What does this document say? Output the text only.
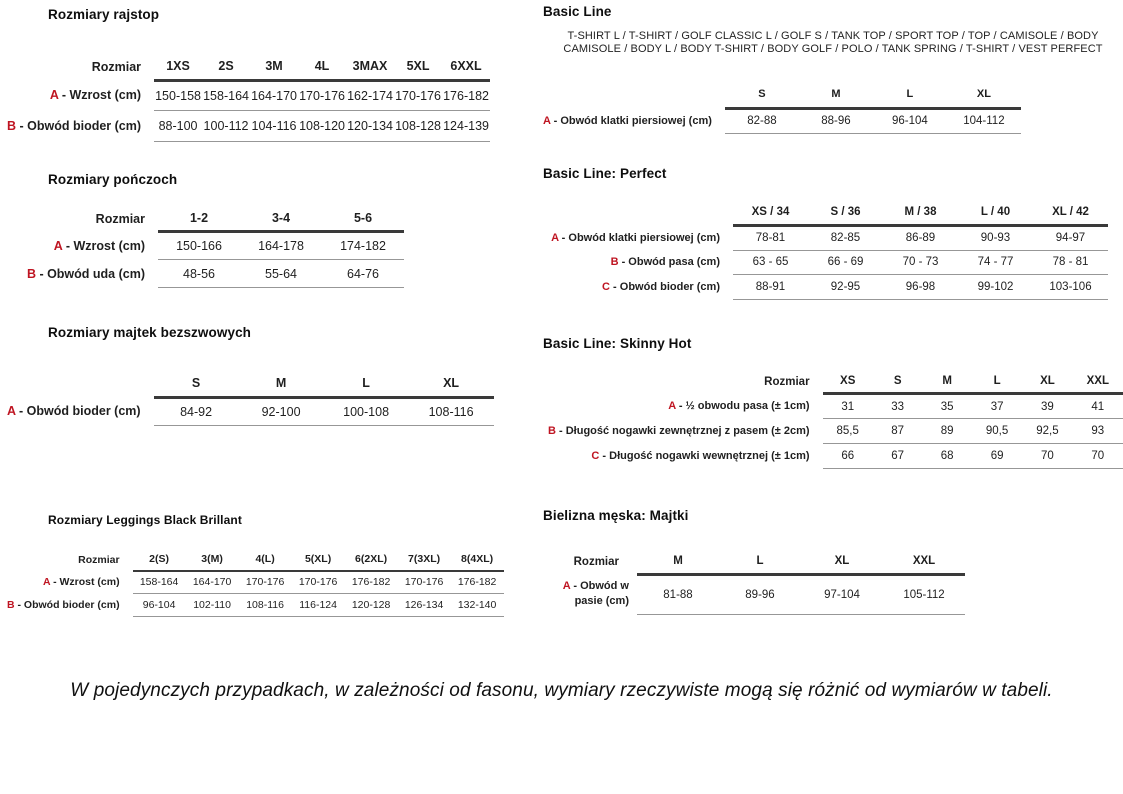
Rozmiary rajstop
Rozmiar	1XS	2S	3M	4L	3MAX	5XL	6XXL
A - Wzrost (cm)	150-158	158-164	164-170	170-176	162-174	170-176	176-182
B - Obwód bioder (cm)	88-100	100-112	104-116	108-120	120-134	108-128	124-139
Rozmiary pończoch
Rozmiar	1-2	3-4	5-6
A - Wzrost (cm)	150-166	164-178	174-182
B - Obwód uda (cm)	48-56	55-64	64-76
Rozmiary majtek bezszwowych
	S	M	L	XL
A - Obwód bioder (cm)	84-92	92-100	100-108	108-116
Rozmiary Leggings Black Brillant
Rozmiar	2(S)	3(M)	4(L)	5(XL)	6(2XL)	7(3XL)	8(4XL)
A - Wzrost (cm)	158-164	164-170	170-176	170-176	176-182	170-176	176-182
B - Obwód bioder (cm)	96-104	102-110	108-116	116-124	120-128	126-134	132-140
Basic Line
T-SHIRT L / T-SHIRT / GOLF CLASSIC L / GOLF S / TANK TOP / SPORT TOP / TOP / CAMISOLE / BODY CAMISOLE / BODY L / BODY T-SHIRT / BODY GOLF / POLO / TANK SPRING / T-SHIRT / VEST PERFECT
	S	M	L	XL
A - Obwód klatki piersiowej (cm)	82-88	88-96	96-104	104-112
Basic Line: Perfect
	XS / 34	S / 36	M / 38	L / 40	XL / 42
A - Obwód klatki piersiowej (cm)	78-81	82-85	86-89	90-93	94-97
B - Obwód pasa (cm)	63 - 65	66 - 69	70 - 73	74 - 77	78 - 81
C - Obwód bioder (cm)	88-91	92-95	96-98	99-102	103-106
Basic Line: Skinny Hot
Rozmiar	XS	S	M	L	XL	XXL
A - ½ obwodu pasa (± 1cm)	31	33	35	37	39	41
B - Długość nogawki zewnętrznej z pasem (± 2cm)	85,5	87	89	90,5	92,5	93
C - Długość nogawki wewnętrznej (± 1cm)	66	67	68	69	70	70
Bielizna męska: Majtki
Rozmiar	M	L	XL	XXL
A - Obwód w pasie (cm)	81-88	89-96	97-104	105-112
W pojedynczych przypadkach, w zależności od fasonu, wymiary rzeczywiste mogą się różnić od wymiarów w tabeli.
